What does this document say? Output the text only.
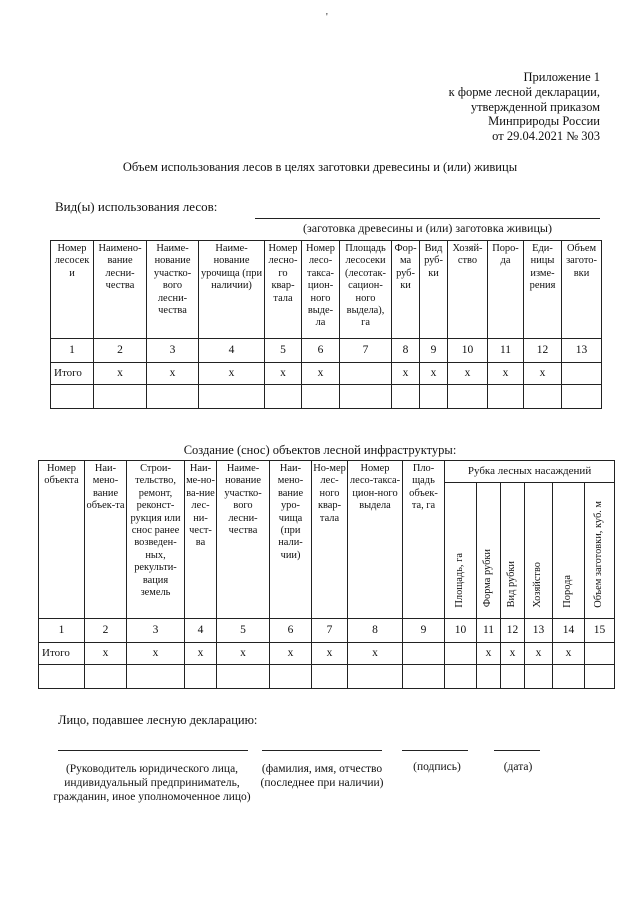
'
Приложение 1
к форме лесной декларации,
утвержденной приказом
Минприроды России
от 29.04.2021 № 303
Объем использования лесов в целях заготовки древесины и (или) живицы
Вид(ы) использования лесов:
(заготовка древесины и (или) заготовка живицы)
Номер лесосеки	Наимено-вание лесни-чества	Наиме-нование участко-вого лесни-чества	Наиме-нование урочища (при наличии)	Номер лесно-го квар-тала	Номер лесо-такса-цион-ного выде-ла	Площадь лесосеки (лесотак-сацион-ного выдела), га	Фор-ма руб-ки	Вид руб-ки	Хозяй-ство	Поро-да	Еди-ницы изме-рения	Объем загото-вки
1	2	3	4	5	6	7	8	9	10	11	12	13
Итого	х	х	х	х	х		х	х	х	х	х	

Создание (снос) объектов лесной инфраструктуры:
Номер объекта	Наи-мено-вание объек-та	Строи-тельство, ремонт, реконст-рукция или снос ранее возведен-ных, рекульти-вация земель	Наи-ме-но-ва-ние лес-ни-чест-ва	Наиме-нование участко-вого лесни-чества	Наи-мено-вание уро-чища (при нали-чии)	Но-мер лес-ного квар-тала	Номер лесо-такса-цион-ного выдела	Пло-щадь объек-та, га	Рубка лесных насаждений					
									Площадь, га	Форма рубки	Вид рубки	Хозяйство	Порода	Объем заготовки, куб. м
1	2	3	4	5	6	7	8	9	10	11	12	13	14	15
Итого	х	х	х	х	х	х	х			х	х	х	х	

Лицо, подавшее лесную декларацию:
(Руководитель юридического лица, индивидуальный предприниматель, гражданин, иное уполномоченное лицо)
(фамилия, имя, отчество (последнее при наличии)
(подпись)	(дата)
